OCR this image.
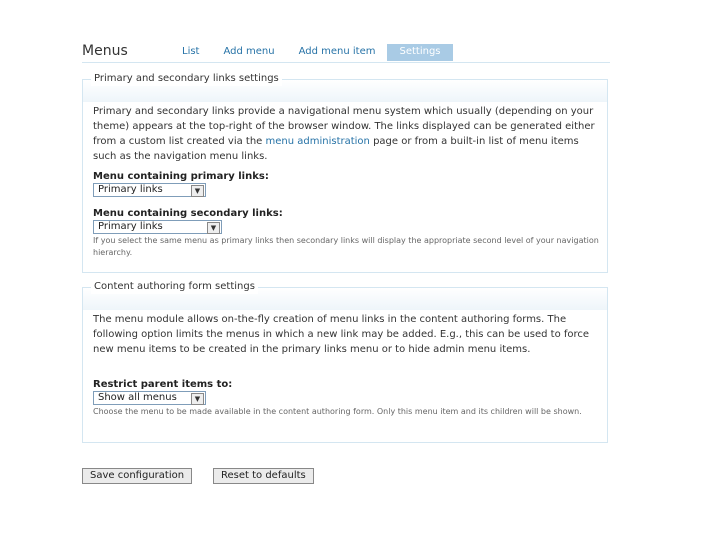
Menus	List	Add menu	Add menu item	Settings
Primary and secondary links settings
Primary and secondary links provide a navigational menu system which usually (depending on your theme) appears at the top-right of the browser window. The links displayed can be generated either from a custom list created via the menu administration page or from a built-in list of menu items such as the navigation menu links.
Menu containing primary links:
Primary links	▼
Menu containing secondary links:
Primary links	▼
If you select the same menu as primary links then secondary links will display the appropriate second level of your navigation hierarchy.
Content authoring form settings
The menu module allows on-the-fly creation of menu links in the content authoring forms. The following option limits the menus in which a new link may be added. E.g., this can be used to force new menu items to be created in the primary links menu or to hide admin menu items.
Restrict parent items to:
Show all menus	▼
Choose the menu to be made available in the content authoring form. Only this menu item and its children will be shown.
Save configuration	Reset to defaults
